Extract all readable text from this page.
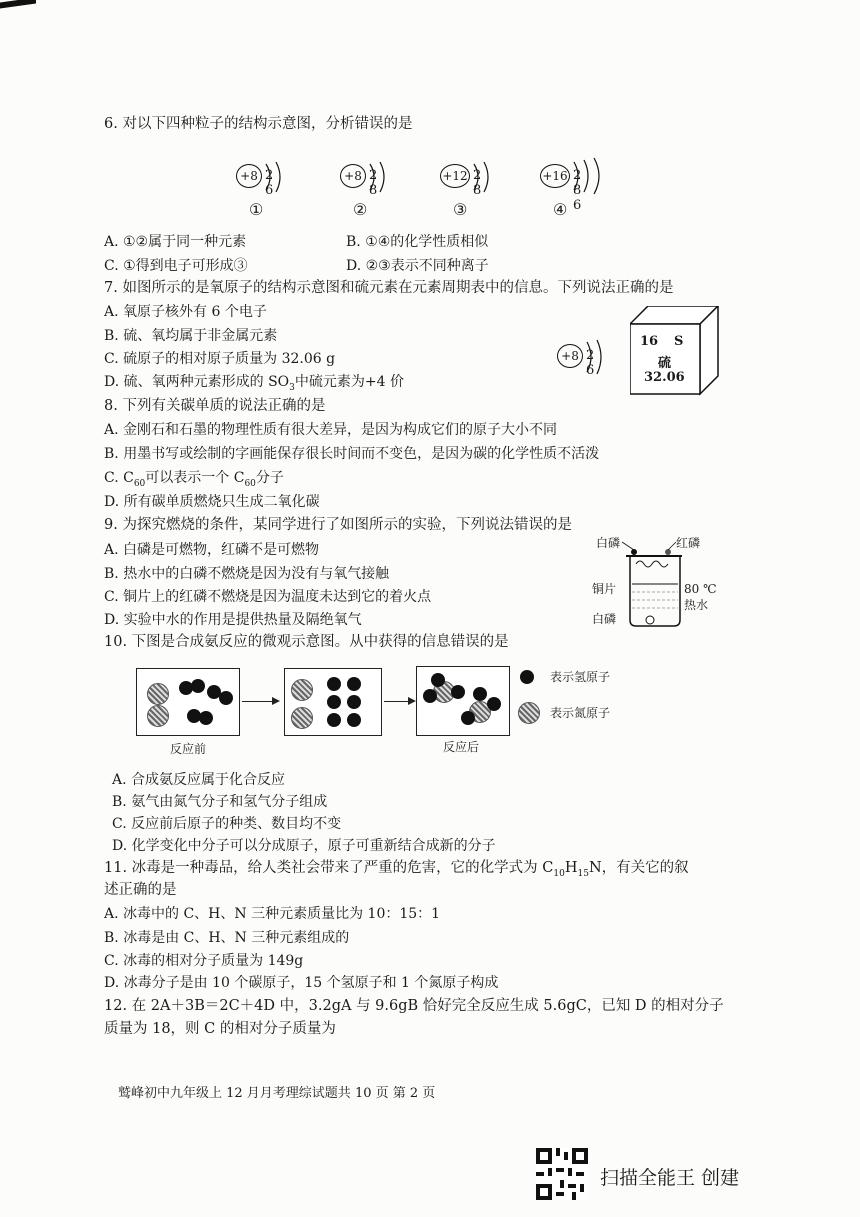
6. 对以下四种粒子的结构示意图，分析错误的是
+8 2 6
①
+8 2 8
②
+12 2 8
③
+16 2 8 6
④
A. ①②属于同一种元素	B. ①④的化学性质相似
C. ①得到电子可形成③	D. ②③表示不同种离子
7. 如图所示的是氧原子的结构示意图和硫元素在元素周期表中的信息。下列说法正确的是
A. 氧原子核外有 6 个电子
B. 硫、氧均属于非金属元素
C. 硫原子的相对原子质量为 32.06 g
D. 硫、氧两种元素形成的 $SO_3$中硫元素为+4 价
+8 2 6
16 S
硫
32.06
8. 下列有关碳单质的说法正确的是
A. 金刚石和石墨的物理性质有很大差异，是因为构成它们的原子大小不同
B. 用墨书写或绘制的字画能保存很长时间而不变色，是因为碳的化学性质不活泼
C. $C_{60}$可以表示一个 $C_{60}$分子
D. 所有碳单质燃烧只生成二氧化碳
9. 为探究燃烧的条件，某同学进行了如图所示的实验，下列说法错误的是
A. 白磷是可燃物，红磷不是可燃物
B. 热水中的白磷不燃烧是因为没有与氧气接触
C. 铜片上的红磷不燃烧是因为温度未达到它的着火点
D. 实验中水的作用是提供热量及隔绝氧气
白磷	红磷
铜片	80 ℃
热水
白磷
10. 下图是合成氨反应的微观示意图。从中获得的信息错误的是
表示氢原子
表示氮原子
反应前	反应后
A. 合成氨反应属于化合反应
B. 氨气由氮气分子和氢气分子组成
C. 反应前后原子的种类、数目均不变
D. 化学变化中分子可以分成原子，原子可重新结合成新的分子
11. 冰毒是一种毒品，给人类社会带来了严重的危害，它的化学式为 $C_{10}H_{15}N$，有关它的叙
述正确的是
A. 冰毒中的 C、H、N 三种元素质量比为 10：15：1
B. 冰毒是由 C、H、N 三种元素组成的
C. 冰毒的相对分子质量为 149g
D. 冰毒分子是由 10 个碳原子，15 个氢原子和 1 个氮原子构成
12. 在 2A＋3B＝2C＋4D 中，3.2gA 与 9.6gB 恰好完全反应生成 5.6gC，已知 D 的相对分子
质量为 18，则 C 的相对分子质量为
鹫峰初中九年级上 12 月月考理综试题共 10 页 第 2 页
扫描全能王 创建
